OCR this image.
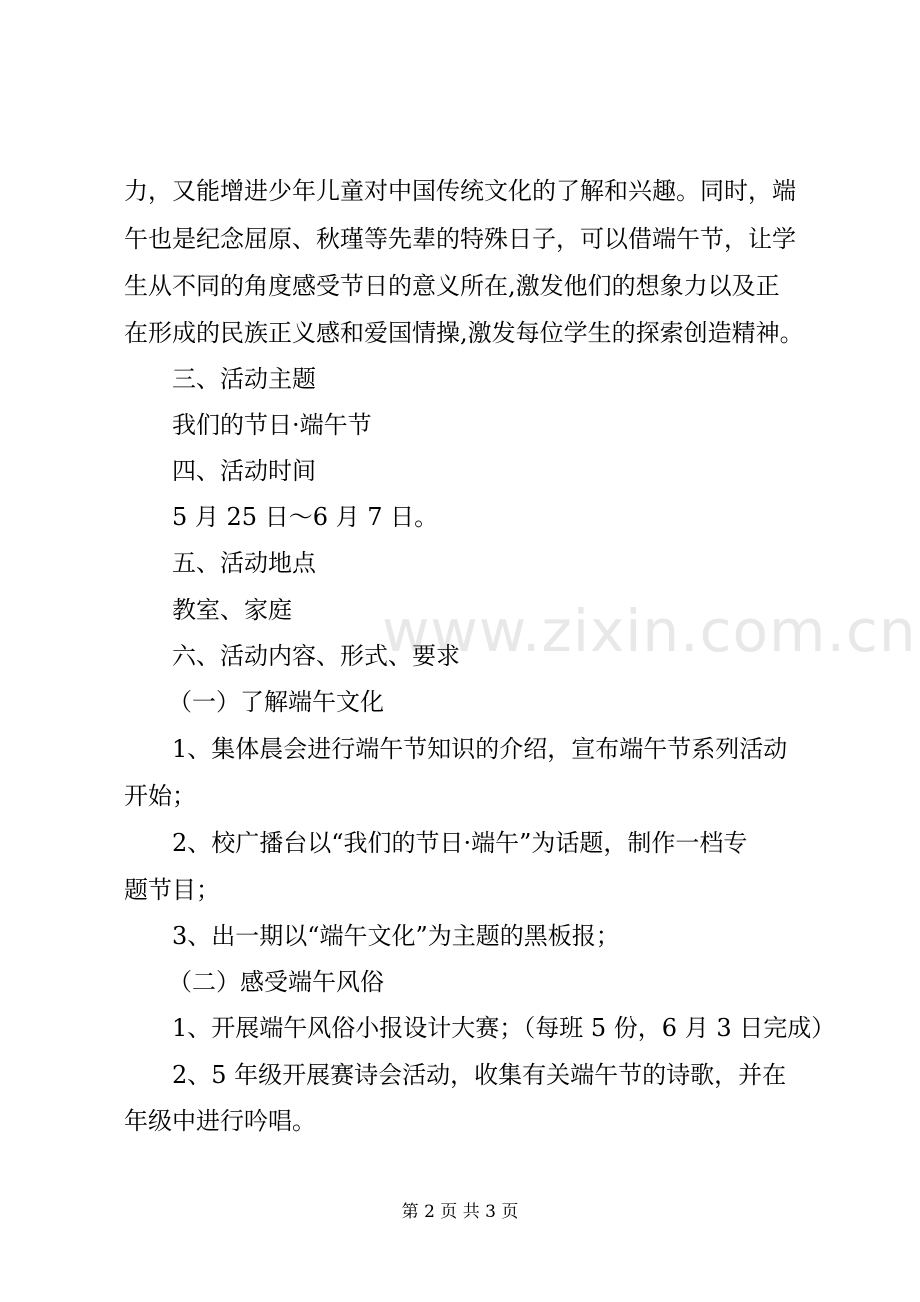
www.zixin.com.cn
力，又能增进少年儿童对中国传统文化的了解和兴趣。同时，端
午也是纪念屈原、秋瑾等先辈的特殊日子，可以借端午节，让学
生从不同的角度感受节日的意义所在,激发他们的想象力以及正
在形成的民族正义感和爱国情操,激发每位学生的探索创造精神。
三、活动主题
我们的节日·端午节
四、活动时间
5 月 25 日～6 月 7 日。
五、活动地点
教室、家庭
六、活动内容、形式、要求
（一）了解端午文化
1、集体晨会进行端午节知识的介绍，宣布端午节系列活动
开始；
2、校广播台以“我们的节日·端午”为话题，制作一档专
题节目；
3、出一期以“端午文化”为主题的黑板报；
（二）感受端午风俗
1、开展端午风俗小报设计大赛；（每班 5 份，6 月 3 日完成）
2、5 年级开展赛诗会活动，收集有关端午节的诗歌，并在
年级中进行吟唱。
第 2 页 共 3 页
